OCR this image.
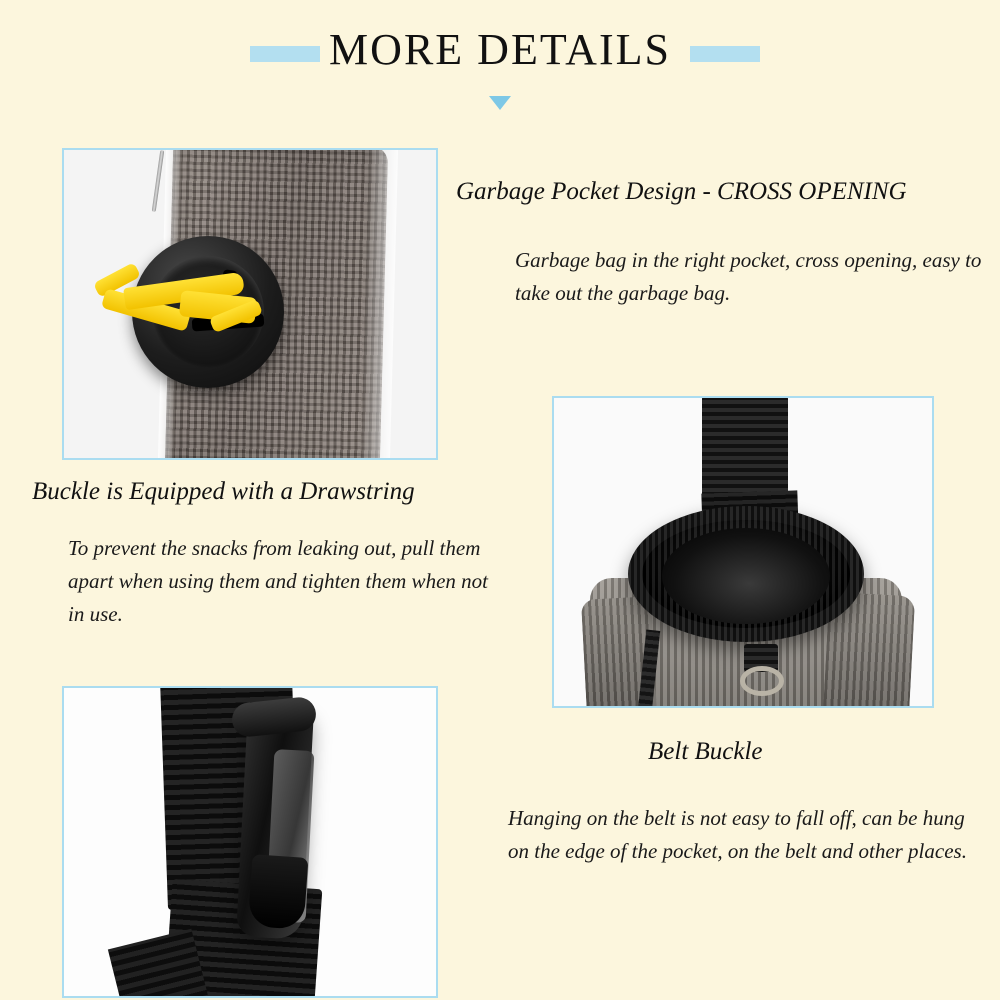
MORE DETAILS
Garbage Pocket Design - CROSS OPENING
Garbage bag in the right pocket, cross opening, easy to take out the garbage bag.
Buckle is Equipped with a Drawstring
To prevent the snacks from leaking out, pull them apart when using them and tighten them when not in use.
Belt Buckle
Hanging on the belt is not easy to fall off, can be hung on the edge of the pocket, on the belt and other places.
